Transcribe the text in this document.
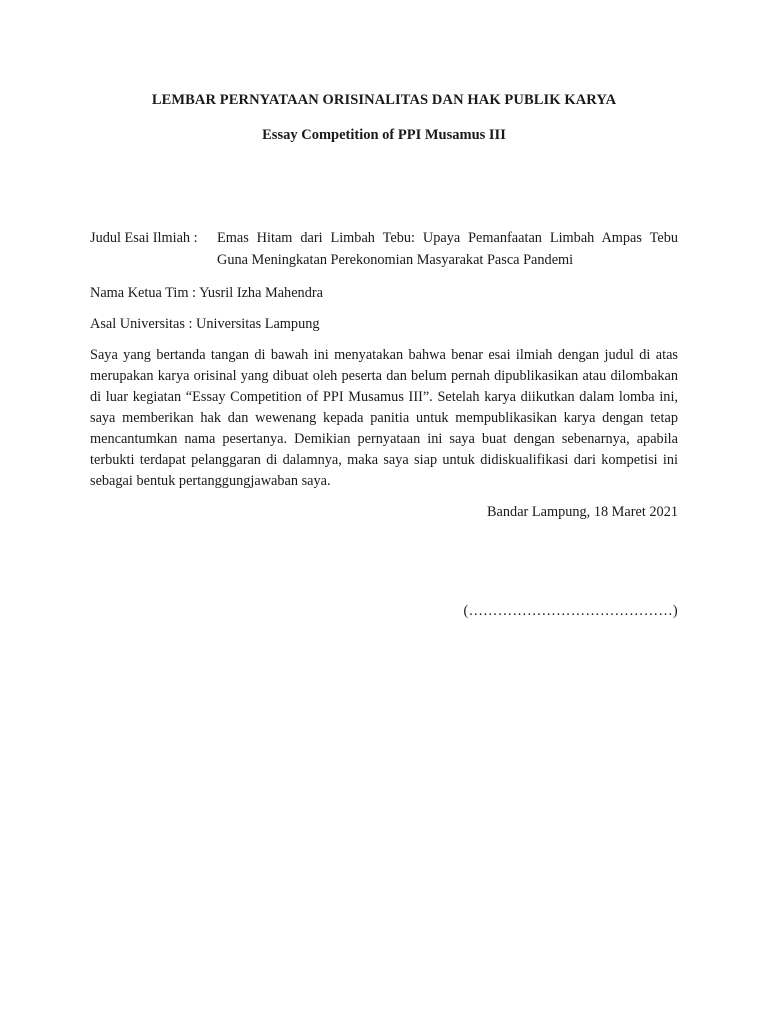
LEMBAR PERNYATAAN ORISINALITAS DAN HAK PUBLIK KARYA
Essay Competition of PPI Musamus III
Judul Esai Ilmiah :	Emas Hitam dari Limbah Tebu: Upaya Pemanfaatan Limbah Ampas Tebu
Guna Meningkatan Perekonomian Masyarakat Pasca Pandemi
Nama Ketua Tim : Yusril Izha Mahendra
Asal Universitas : Universitas Lampung
Saya yang bertanda tangan di bawah ini menyatakan bahwa benar esai ilmiah dengan judul di atas merupakan karya orisinal yang dibuat oleh peserta dan belum pernah dipublikasikan atau dilombakan di luar kegiatan “Essay Competition of PPI Musamus III”. Setelah karya diikutkan dalam lomba ini, saya memberikan hak dan wewenang kepada panitia untuk mempublikasikan karya dengan tetap mencantumkan nama pesertanya. Demikian pernyataan ini saya buat dengan sebenarnya, apabila terbukti terdapat pelanggaran di dalamnya, maka saya siap untuk didiskualifikasi dari kompetisi ini sebagai bentuk pertanggungjawaban saya.
Bandar Lampung, 18 Maret 2021
(……………………………………)
